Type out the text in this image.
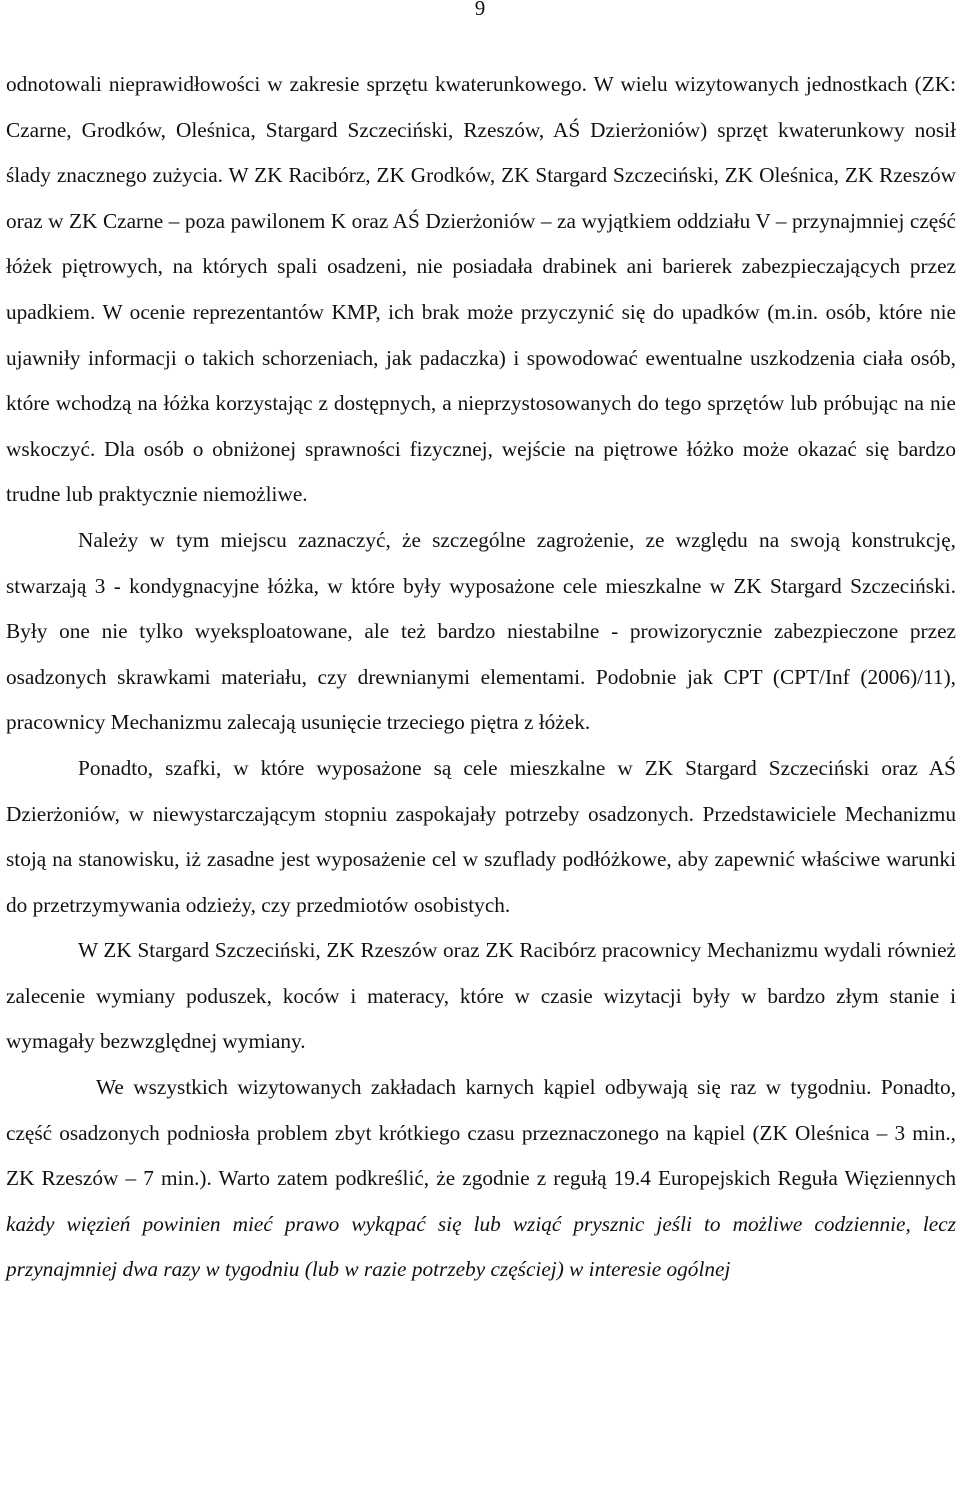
9

odnotowali nieprawidłowości w zakresie sprzętu kwaterunkowego. W wielu wizytowanych jednostkach (ZK: Czarne, Grodków, Oleśnica, Stargard Szczeciński, Rzeszów, AŚ Dzierżoniów) sprzęt kwaterunkowy nosił ślady znacznego zużycia. W ZK Racibórz, ZK Grodków, ZK Stargard Szczeciński, ZK Oleśnica, ZK Rzeszów oraz w ZK Czarne – poza pawilonem K oraz AŚ Dzierżoniów – za wyjątkiem oddziału V – przynajmniej część łóżek piętrowych, na których spali osadzeni, nie posiadała drabinek ani barierek zabezpieczających przez upadkiem. W ocenie reprezentantów KMP, ich brak może przyczynić się do upadków (m.in. osób, które nie ujawniły informacji o takich schorzeniach, jak padaczka) i spowodować ewentualne uszkodzenia ciała osób, które wchodzą na łóżka korzystając z dostępnych, a nieprzystosowanych do tego sprzętów lub próbując na nie wskoczyć. Dla osób o obniżonej sprawności fizycznej, wejście na piętrowe łóżko może okazać się bardzo trudne lub praktycznie niemożliwe.

Należy w tym miejscu zaznaczyć, że szczególne zagrożenie, ze względu na swoją konstrukcję, stwarzają 3 - kondygnacyjne łóżka, w które były wyposażone cele mieszkalne w ZK Stargard Szczeciński. Były one nie tylko wyeksploatowane, ale też bardzo niestabilne - prowizorycznie zabezpieczone przez osadzonych skrawkami materiału, czy drewnianymi elementami. Podobnie jak CPT (CPT/Inf (2006)/11), pracownicy Mechanizmu zalecają usunięcie trzeciego piętra z łóżek.

Ponadto, szafki, w które wyposażone są cele mieszkalne w ZK Stargard Szczeciński oraz AŚ Dzierżoniów, w niewystarczającym stopniu zaspokajały potrzeby osadzonych. Przedstawiciele Mechanizmu stoją na stanowisku, iż zasadne jest wyposażenie cel w szuflady podłóżkowe, aby zapewnić właściwe warunki do przetrzymywania odzieży, czy przedmiotów osobistych.

W ZK Stargard Szczeciński, ZK Rzeszów oraz ZK Racibórz pracownicy Mechanizmu wydali również zalecenie wymiany poduszek, koców i materacy, które w czasie wizytacji były w bardzo złym stanie i wymagały bezwzględnej wymiany.

We wszystkich wizytowanych zakładach karnych kąpiel odbywają się raz w tygodniu. Ponadto, część osadzonych podniosła problem zbyt krótkiego czasu przeznaczonego na kąpiel (ZK Oleśnica – 3 min., ZK Rzeszów – 7 min.). Warto zatem podkreślić, że zgodnie z regułą 19.4 Europejskich Reguła Więziennych każdy więzień powinien mieć prawo wykąpać się lub wziąć prysznic jeśli to możliwe codziennie, lecz przynajmniej dwa razy w tygodniu (lub w razie potrzeby częściej) w interesie ogólnej
